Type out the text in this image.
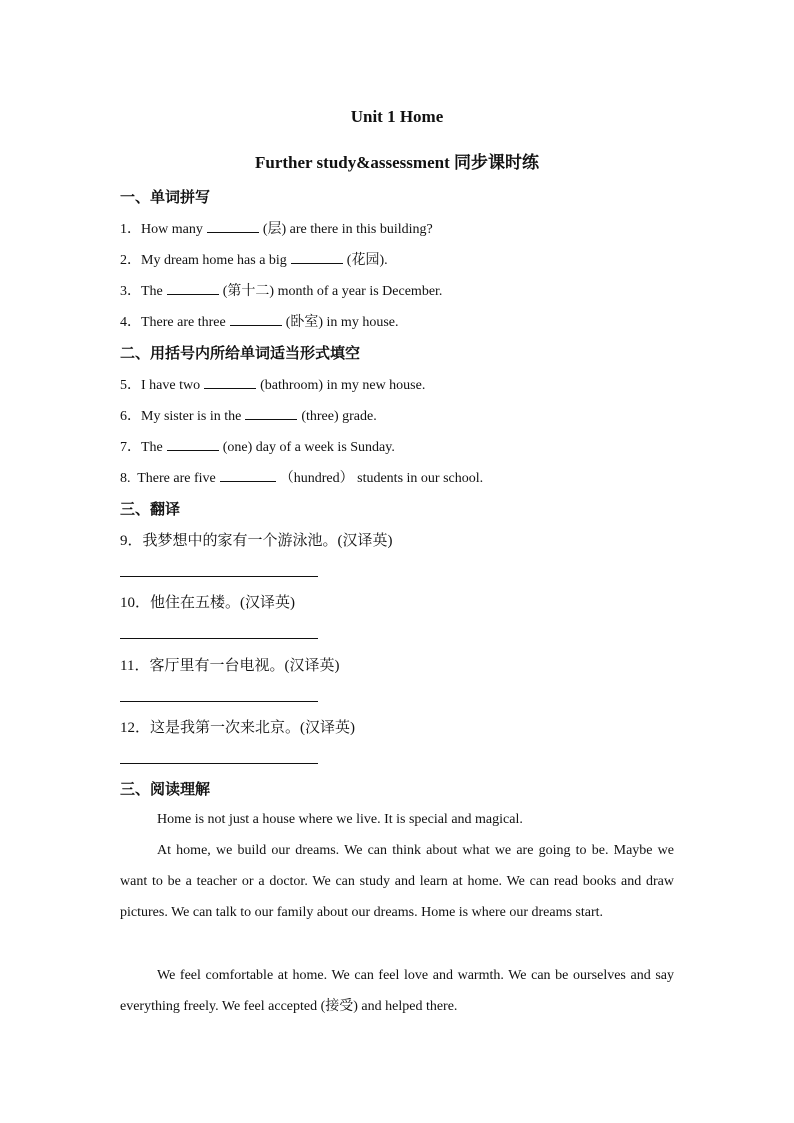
Unit 1 Home
Further study&assessment 同步课时练
一、单词拼写
1．How many	(层) are there in this building?
2．My dream home has a big	(花园).
3．The	(第十二) month of a year is December.
4．There are three	(卧室) in my house.
二、用括号内所给单词适当形式填空
5．I have two	(bathroom) in my new house.
6．My sister is in the	(three) grade.
7．The	(one) day of a week is Sunday.
8.  There are five	（hundred） students in our school.
三、翻译
9．我梦想中的家有一个游泳池。(汉译英)
10．他住在五楼。(汉译英)
11．客厅里有一台电视。(汉译英)
12．这是我第一次来北京。(汉译英)
三、阅读理解
Home is not just a house where we live. It is special and magical.
At home, we build our dreams. We can think about what we are going to be. Maybe we want to be a teacher or a doctor. We can study and learn at home. We can read books and draw pictures. We can talk to our family about our dreams. Home is where our dreams start.
We feel comfortable at home. We can feel love and warmth. We can be ourselves and say everything freely. We feel accepted (接受) and helped there.
